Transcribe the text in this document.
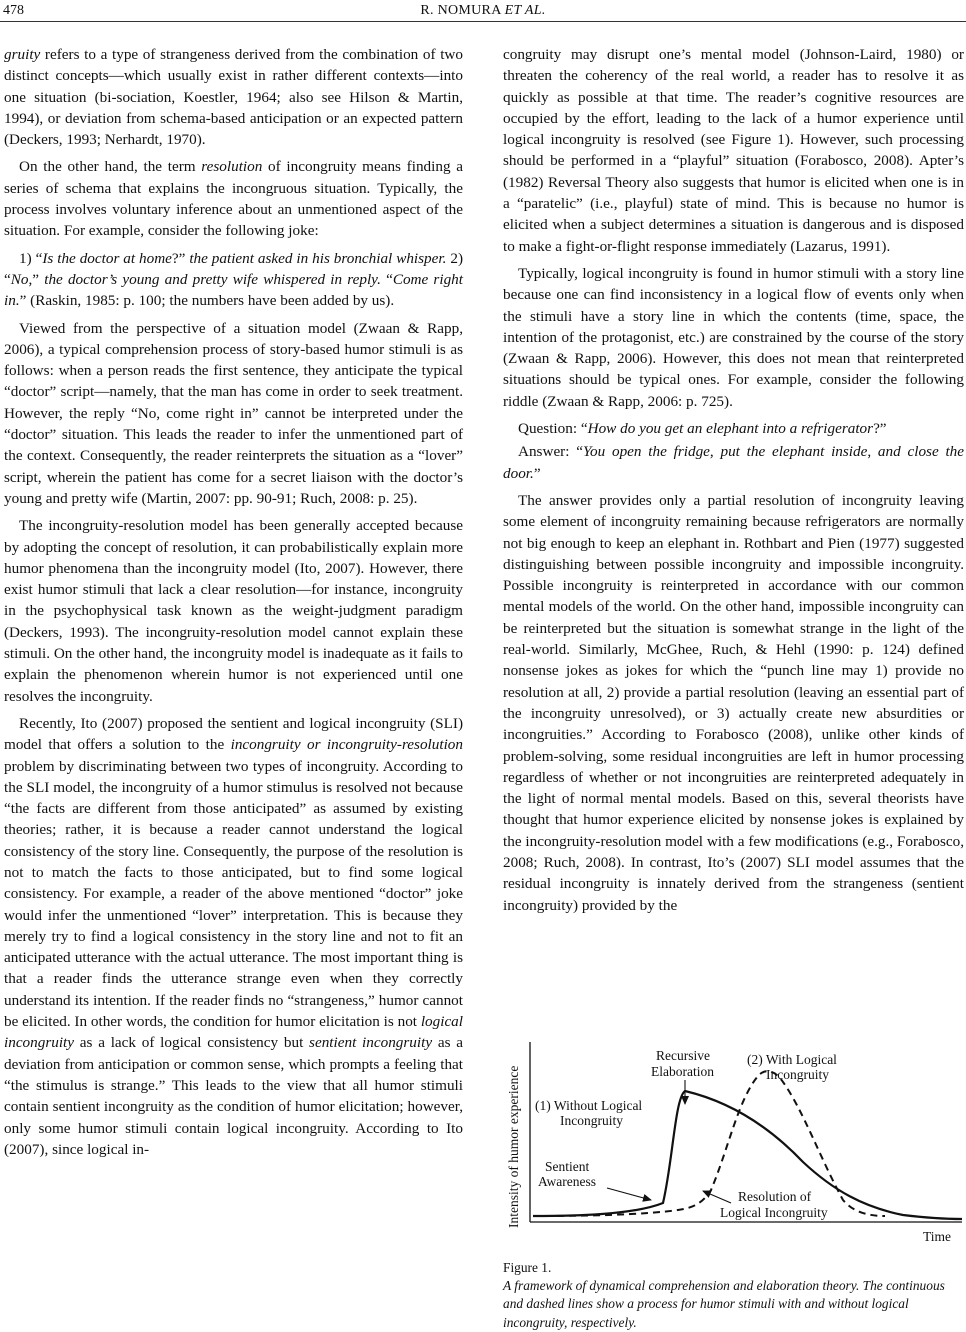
478	R. NOMURA ET AL.

gruity refers to a type of strangeness derived from the combination of two distinct concepts—which usually exist in rather different contexts—into one situation (bi-sociation, Koestler, 1964; also see Hilson & Martin, 1994), or deviation from schema-based anticipation or an expected pattern (Deckers, 1993; Nerhardt, 1970).

On the other hand, the term resolution of incongruity means finding a series of schema that explains the incongruous situation. Typically, the process involves voluntary inference about an unmentioned aspect of the situation. For example, consider the following joke:

1) “Is the doctor at home?” the patient asked in his bronchial whisper. 2) “No,” the doctor’s young and pretty wife whispered in reply. “Come right in.” (Raskin, 1985: p. 100; the numbers have been added by us).

Viewed from the perspective of a situation model (Zwaan & Rapp, 2006), a typical comprehension process of story-based humor stimuli is as follows: when a person reads the first sentence, they anticipate the typical “doctor” script—namely, that the man has come in order to seek treatment. However, the reply “No, come right in” cannot be interpreted under the “doctor” situation. This leads the reader to infer the unmentioned part of the context. Consequently, the reader reinterprets the situation as a “lover” script, wherein the patient has come for a secret liaison with the doctor’s young and pretty wife (Martin, 2007: pp. 90-91; Ruch, 2008: p. 25).

The incongruity-resolution model has been generally accepted because by adopting the concept of resolution, it can probabilistically explain more humor phenomena than the incongruity model (Ito, 2007). However, there exist humor stimuli that lack a clear resolution—for instance, incongruity in the psychophysical task known as the weight-judgment paradigm (Deckers, 1993). The incongruity-resolution model cannot explain these stimuli. On the other hand, the incongruity model is inadequate as it fails to explain the phenomenon wherein humor is not experienced until one resolves the incongruity.

Recently, Ito (2007) proposed the sentient and logical incongruity (SLI) model that offers a solution to the incongruity or incongruity-resolution problem by discriminating between two types of incongruity. According to the SLI model, the incongruity of a humor stimulus is resolved not because “the facts are different from those anticipated” as assumed by existing theories; rather, it is because a reader cannot understand the logical consistency of the story line. Consequently, the purpose of the resolution is not to match the facts to those anticipated, but to find some logical consistency. For example, a reader of the above mentioned “doctor” joke would infer the unmentioned “lover” interpretation. This is because they merely try to find a logical consistency in the story line and not to fit an anticipated utterance with the actual utterance. The most important thing is that a reader finds the utterance strange even when they correctly understand its intention. If the reader finds no “strangeness,” humor cannot be elicited. In other words, the condition for humor elicitation is not logical incongruity as a lack of logical consistency but sentient incongruity as a deviation from anticipation or common sense, which prompts a feeling that “the stimulus is strange.” This leads to the view that all humor stimuli contain sentient incongruity as the condition of humor elicitation; however, only some humor stimuli contain logical incongruity. According to Ito (2007), since logical in-

congruity may disrupt one’s mental model (Johnson-Laird, 1980) or threaten the coherency of the real world, a reader has to resolve it as quickly as possible at that time. The reader’s cognitive resources are occupied by the effort, leading to the lack of a humor experience until logical incongruity is resolved (see Figure 1). However, such processing should be performed in a “playful” situation (Forabosco, 2008). Apter’s (1982) Reversal Theory also suggests that humor is elicited when one is in a “paratelic” (i.e., playful) state of mind. This is because no humor is elicited when a subject determines a situation is dangerous and is disposed to make a fight-or-flight response immediately (Lazarus, 1991).

Typically, logical incongruity is found in humor stimuli with a story line because one can find inconsistency in a logical flow of events only when the stimuli have a story line in which the contents (time, space, the intention of the protagonist, etc.) are constrained by the course of the story (Zwaan & Rapp, 2006). However, this does not mean that reinterpreted situations should be typical ones. For example, consider the following riddle (Zwaan & Rapp, 2006: p. 725).

Question: “How do you get an elephant into a refrigerator?”

Answer: “You open the fridge, put the elephant inside, and close the door.”

The answer provides only a partial resolution of incongruity leaving some element of incongruity remaining because refrigerators are normally not big enough to keep an elephant in. Rothbart and Pien (1977) suggested distinguishing between possible incongruity and impossible incongruity. Possible incongruity is reinterpreted in accordance with our common mental models of the world. On the other hand, impossible incongruity can be reinterpreted but the situation is somewhat strange in the light of the real-world. Similarly, McGhee, Ruch, & Hehl (1990: p. 124) defined nonsense jokes as jokes for which the “punch line may 1) provide no resolution at all, 2) provide a partial resolution (leaving an essential part of the incongruity unresolved), or 3) actually create new absurdities or incongruities.” According to Forabosco (2008), unlike other kinds of problem-solving, some residual incongruities are left in humor processing regardless of whether or not incongruities are reinterpreted adequately in the light of normal mental models. Based on this, several theorists have thought that humor experience elicited by nonsense jokes is explained by the incongruity-resolution model with a few modifications (e.g., Forabosco, 2008; Ruch, 2008). In contrast, Ito’s (2007) SLI model assumes that the residual incongruity is innately derived from the strangeness (sentient incongruity) provided by the

Intensity of humor experience
Time
Recursive
Elaboration
(2) With Logical
Incongruity
(1) Without Logical
Incongruity
Sentient
Awareness
Resolution of
Logical Incongruity
Figure 1.
A framework of dynamical comprehension and elaboration theory. The continuous and dashed lines show a process for humor stimuli with and without logical incongruity, respectively.
